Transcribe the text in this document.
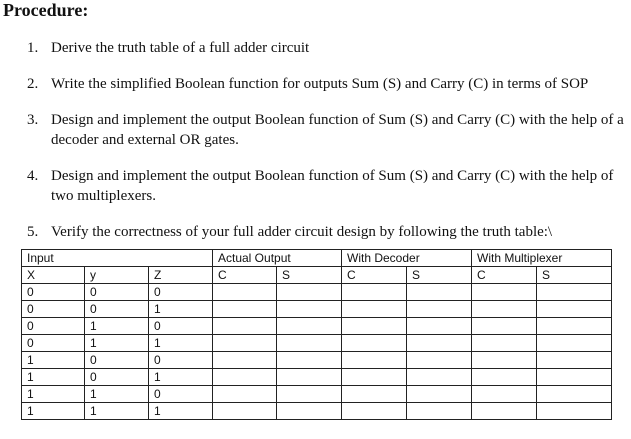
Procedure:
1. Derive the truth table of a full adder circuit
2. Write the simplified Boolean function for outputs Sum (S) and Carry (C) in terms of SOP
3. Design and implement the output Boolean function of Sum (S) and Carry (C) with the help of a decoder and external OR gates.
4. Design and implement the output Boolean function of Sum (S) and Carry (C) with the help of two multiplexers.
5. Verify the correctness of your full adder circuit design by following the truth table:\
Input			Actual Output		With Decoder		With Multiplexer	
X	y	Z	C	S	C	S	C	S
0	0	0						
0	0	1						
0	1	0						
0	1	1						
1	0	0						
1	0	1						
1	1	0						
1	1	1						
